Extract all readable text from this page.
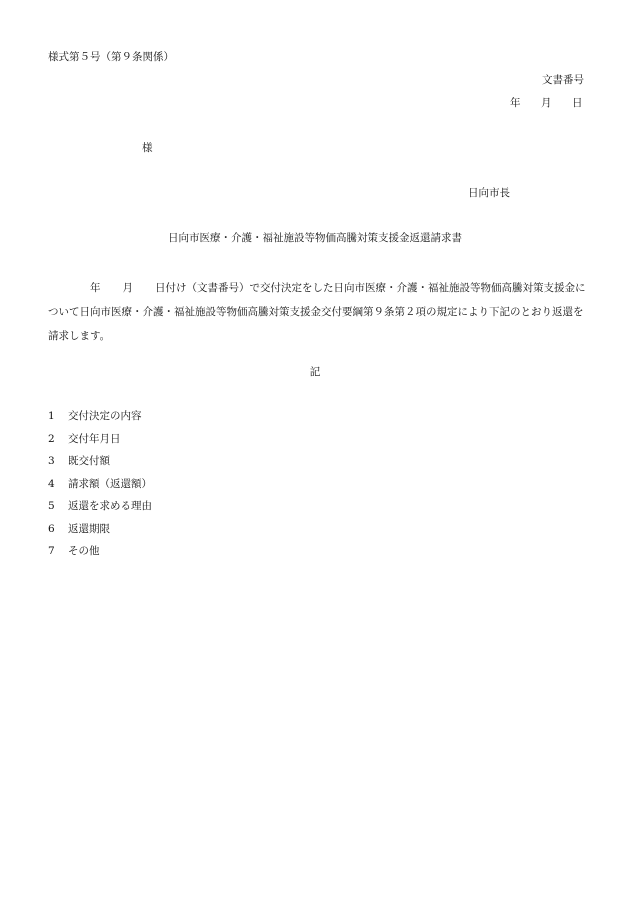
様式第５号（第９条関係）
文書番号
年 月 日
様
日向市長
日向市医療・介護・福祉施設等物価高騰対策支援金返還請求書
年 月 日付け（文書番号）で交付決定をした日向市医療・介護・福祉施設等物価高騰対策支援金に
ついて日向市医療・介護・福祉施設等物価高騰対策支援金交付要綱第９条第２項の規定により下記のとおり返還を
請求します。
記
1	交付決定の内容
2	交付年月日
3	既交付額
4	請求額（返還額）
5	返還を求める理由
6	返還期限
7	その他
